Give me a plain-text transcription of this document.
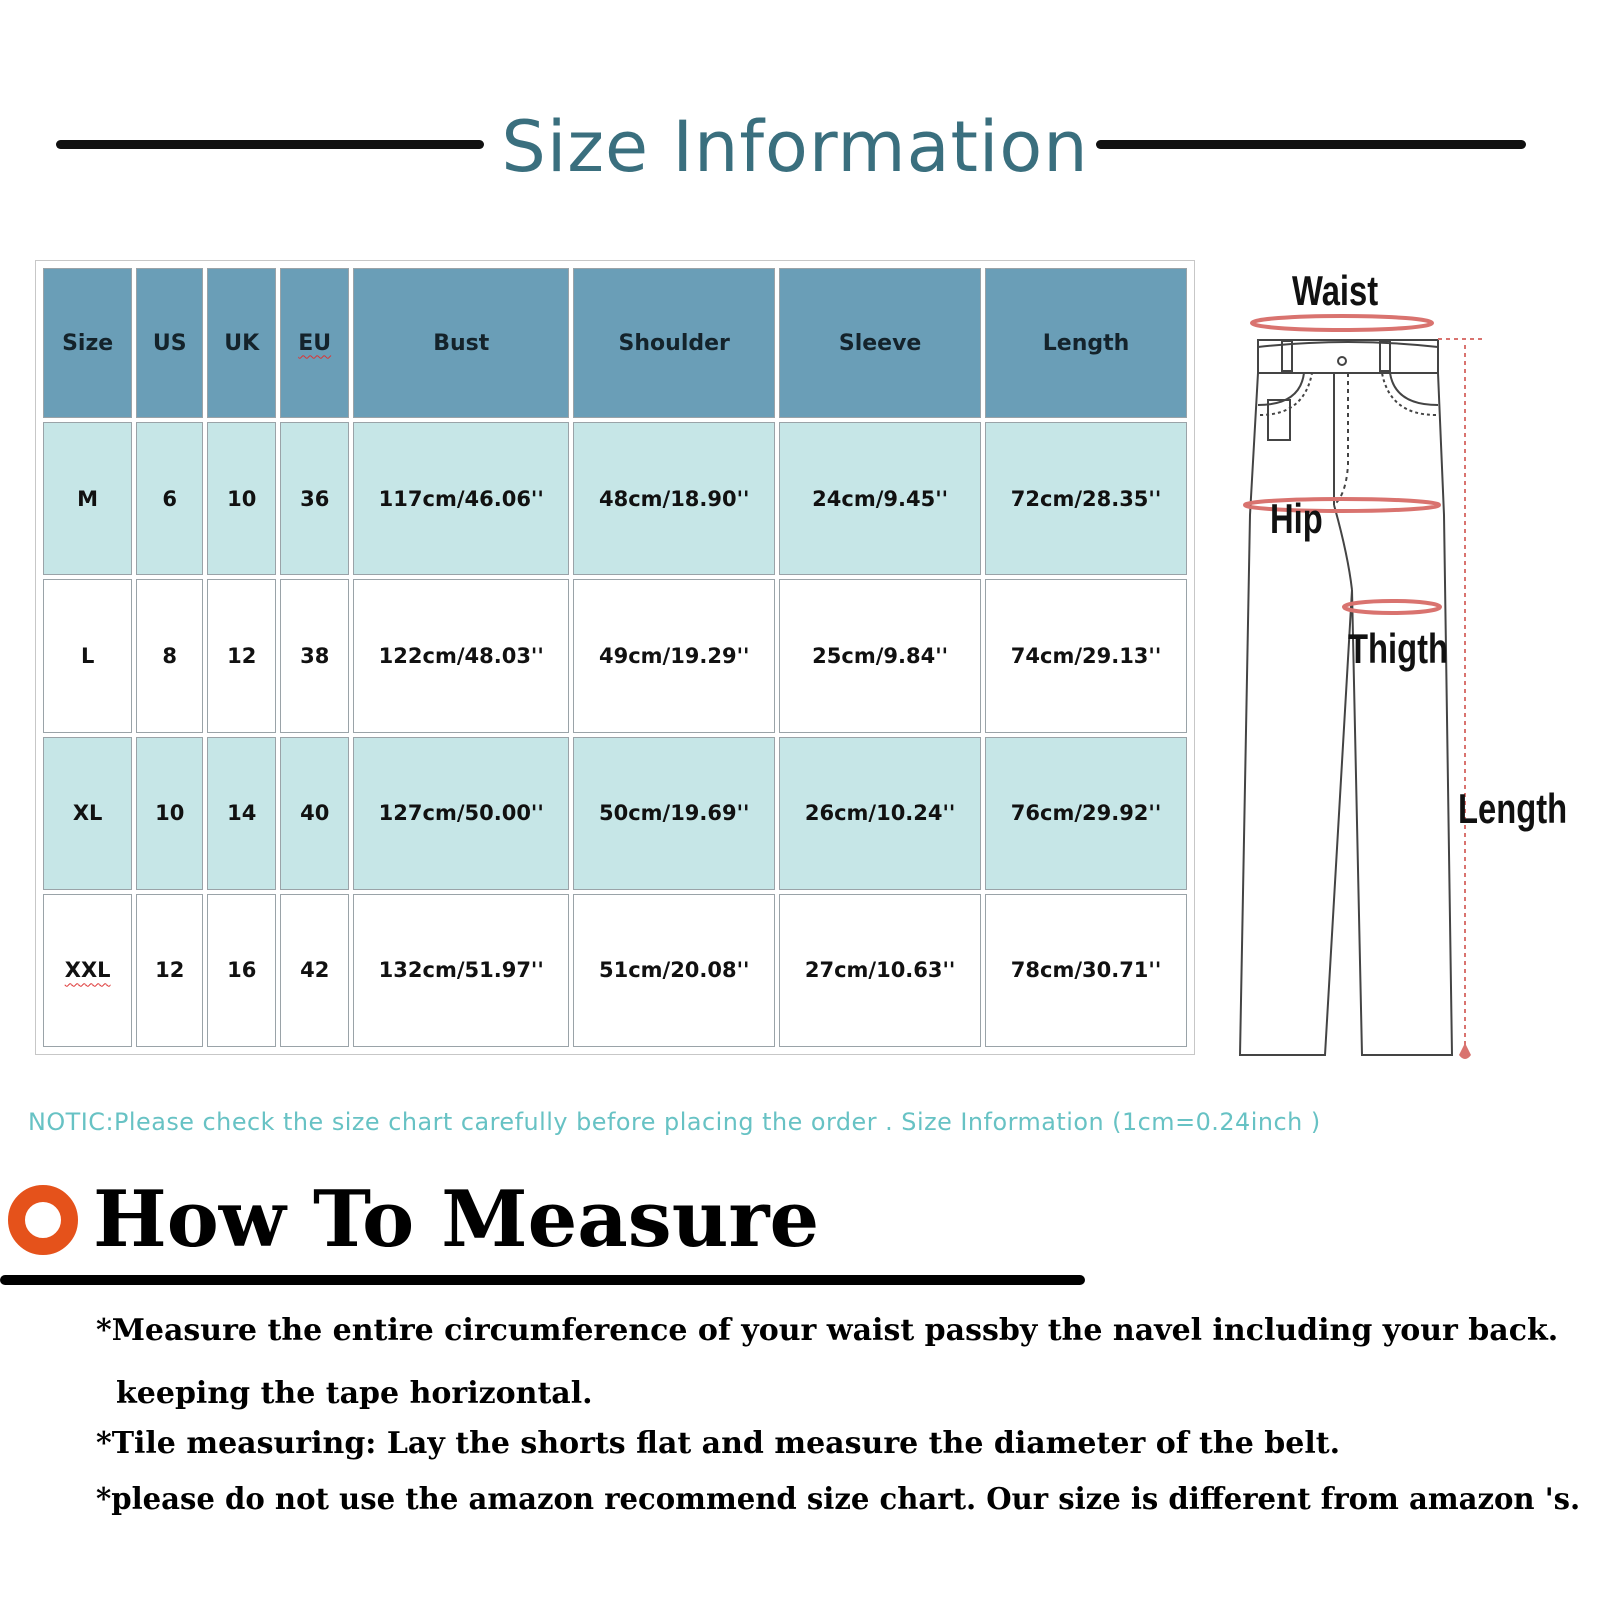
Size Information
Size	US	UK	EU	Bust	Shoulder	Sleeve	Length
M	6	10	36	117cm/46.06''	48cm/18.90''	24cm/9.45''	72cm/28.35''
L	8	12	38	122cm/48.03''	49cm/19.29''	25cm/9.84''	74cm/29.13''
XL	10	14	40	127cm/50.00''	50cm/19.69''	26cm/10.24''	76cm/29.92''
XXL	12	16	42	132cm/51.97''	51cm/20.08''	27cm/10.63''	78cm/30.71''
Waist
Hip
Thigth
Length
NOTIC:Please check the size chart carefully before placing the order . Size Information (1cm=0.24inch )
How To Measure
*Measure the entire circumference of your waist passby the navel including your back.
keeping the tape horizontal.
*Tile measuring: Lay the shorts flat and measure the diameter of the belt.
*please do not use the amazon recommend size chart. Our size is different from amazon 's.
